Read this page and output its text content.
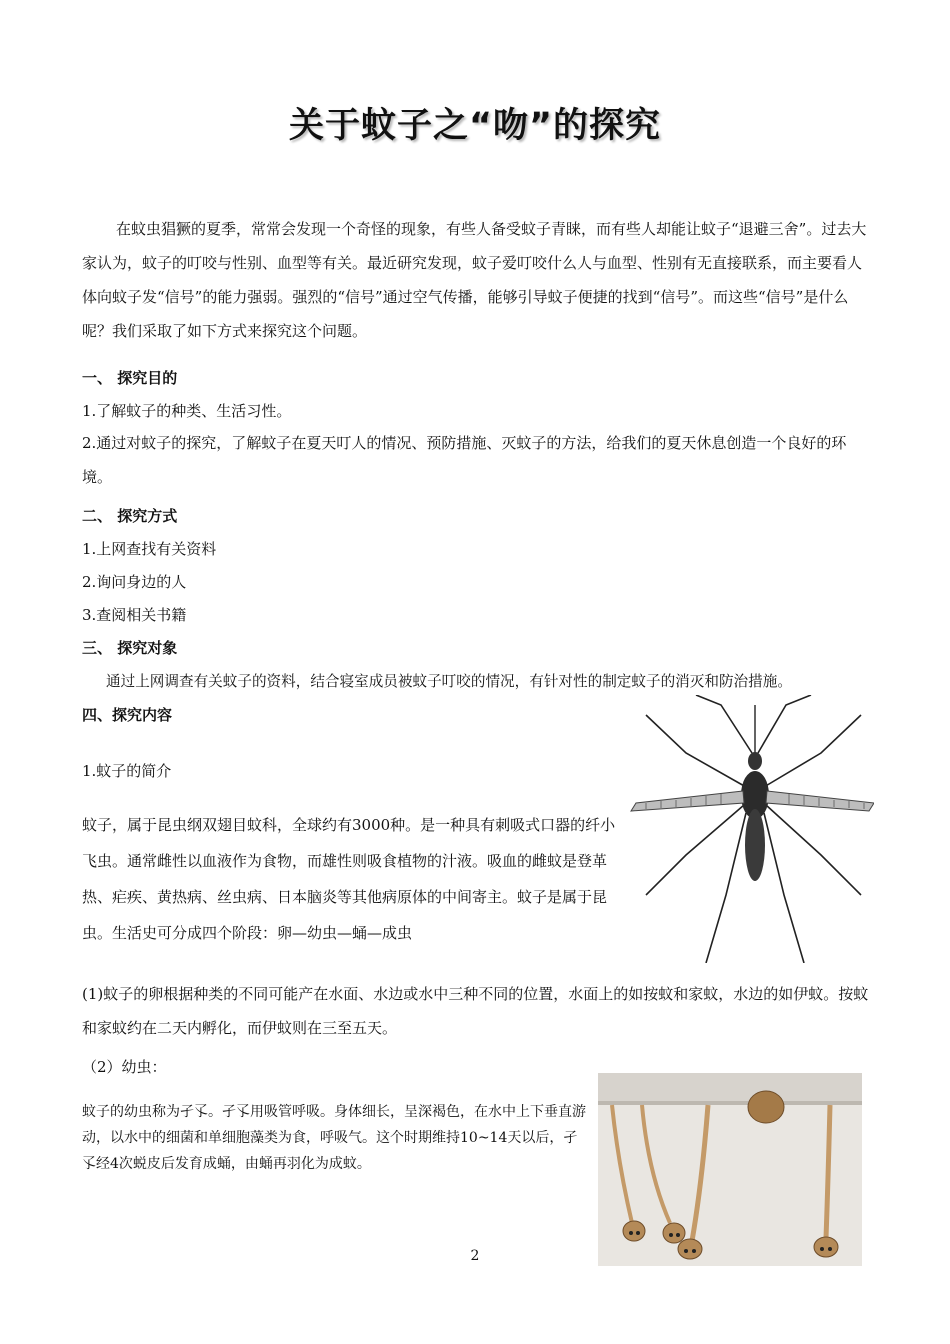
关于蚊子之“吻”的探究
在蚊虫猖獗的夏季，常常会发现一个奇怪的现象，有些人备受蚊子青睐，而有些人却能让蚊子“退避三舍”。过去大家认为，蚊子的叮咬与性别、血型等有关。最近研究发现，蚊子爱叮咬什么人与血型、性别有无直接联系，而主要看人体向蚊子发“信号”的能力强弱。强烈的“信号”通过空气传播，能够引导蚊子便捷的找到“信号”。而这些“信号”是什么呢？我们采取了如下方式来探究这个问题。
一、 探究目的
1.了解蚊子的种类、生活习性。
2.通过对蚊子的探究，了解蚊子在夏天叮人的情况、预防措施、灭蚊子的方法，给我们的夏天休息创造一个良好的环境。
二、 探究方式
1.上网查找有关资料
2.询问身边的人
3.查阅相关书籍
三、 探究对象
通过上网调查有关蚊子的资料，结合寝室成员被蚊子叮咬的情况，有针对性的制定蚊子的消灭和防治措施。
四、探究内容
1.蚊子的简介
蚊子，属于昆虫纲双翅目蚊科，全球约有3000种。是一种具有刺吸式口器的纤小飞虫。通常雌性以血液作为食物，而雄性则吸食植物的汁液。吸血的雌蚊是登革热、疟疾、黄热病、丝虫病、日本脑炎等其他病原体的中间寄主。蚊子是属于昆虫。生活史可分成四个阶段：卵—幼虫—蛹—成虫
(1)蚊子的卵根据种类的不同可能产在水面、水边或水中三种不同的位置，水面上的如按蚊和家蚊，水边的如伊蚊。按蚊和家蚊约在二天内孵化，而伊蚊则在三至五天。
（2）幼虫：
蚊子的幼虫称为孑孓。孑孓用吸管呼吸。身体细长，呈深褐色，在水中上下垂直游动，以水中的细菌和单细胞藻类为食，呼吸气。这个时期维持10~14天以后，孑孓经4次蜕皮后发育成蛹，由蛹再羽化为成蚊。
2
